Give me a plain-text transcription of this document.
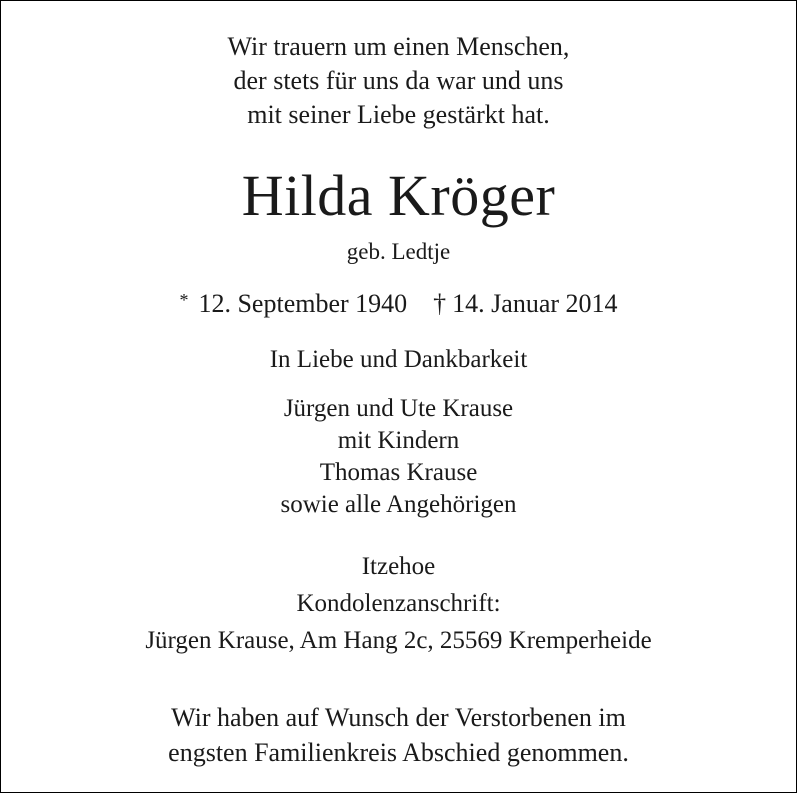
Wir trauern um einen Menschen,
der stets für uns da war und uns
mit seiner Liebe gestärkt hat.
Hilda Kröger
geb. Ledtje
* 12. September 1940 † 14. Januar 2014
In Liebe und Dankbarkeit
Jürgen und Ute Krause
mit Kindern
Thomas Krause
sowie alle Angehörigen
Itzehoe
Kondolenzanschrift:
Jürgen Krause, Am Hang 2c, 25569 Kremperheide
Wir haben auf Wunsch der Verstorbenen im
engsten Familienkreis Abschied genommen.
